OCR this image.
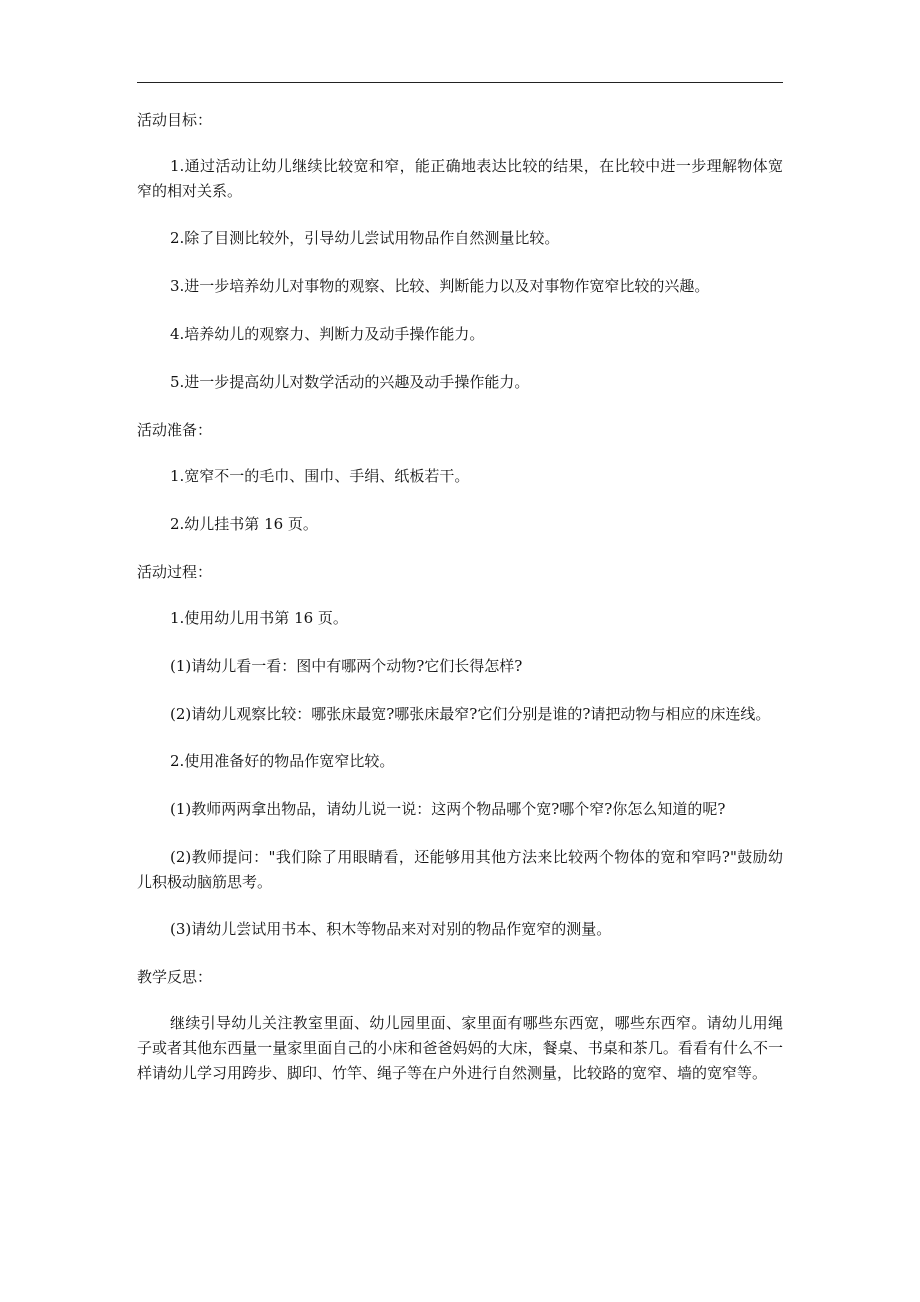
活动目标：

1.通过活动让幼儿继续比较宽和窄，能正确地表达比较的结果，在比较中进一步理解物体宽窄的相对关系。

2.除了目测比较外，引导幼儿尝试用物品作自然测量比较。

3.进一步培养幼儿对事物的观察、比较、判断能力以及对事物作宽窄比较的兴趣。

4.培养幼儿的观察力、判断力及动手操作能力。

5.进一步提高幼儿对数学活动的兴趣及动手操作能力。

活动准备：

1.宽窄不一的毛巾、围巾、手绢、纸板若干。

2.幼儿挂书第 16 页。

活动过程：

1.使用幼儿用书第 16 页。

(1)请幼儿看一看：图中有哪两个动物?它们长得怎样?

(2)请幼儿观察比较：哪张床最宽?哪张床最窄?它们分别是谁的?请把动物与相应的床连线。

2.使用准备好的物品作宽窄比较。

(1)教师两两拿出物品，请幼儿说一说：这两个物品哪个宽?哪个窄?你怎么知道的呢?

(2)教师提问："我们除了用眼睛看，还能够用其他方法来比较两个物体的宽和窄吗?"鼓励幼儿积极动脑筋思考。

(3)请幼儿尝试用书本、积木等物品来对对别的物品作宽窄的测量。

教学反思：

继续引导幼儿关注教室里面、幼儿园里面、家里面有哪些东西宽，哪些东西窄。请幼儿用绳子或者其他东西量一量家里面自己的小床和爸爸妈妈的大床，餐桌、书桌和茶几。看看有什么不一样请幼儿学习用跨步、脚印、竹竿、绳子等在户外进行自然测量，比较路的宽窄、墙的宽窄等。
